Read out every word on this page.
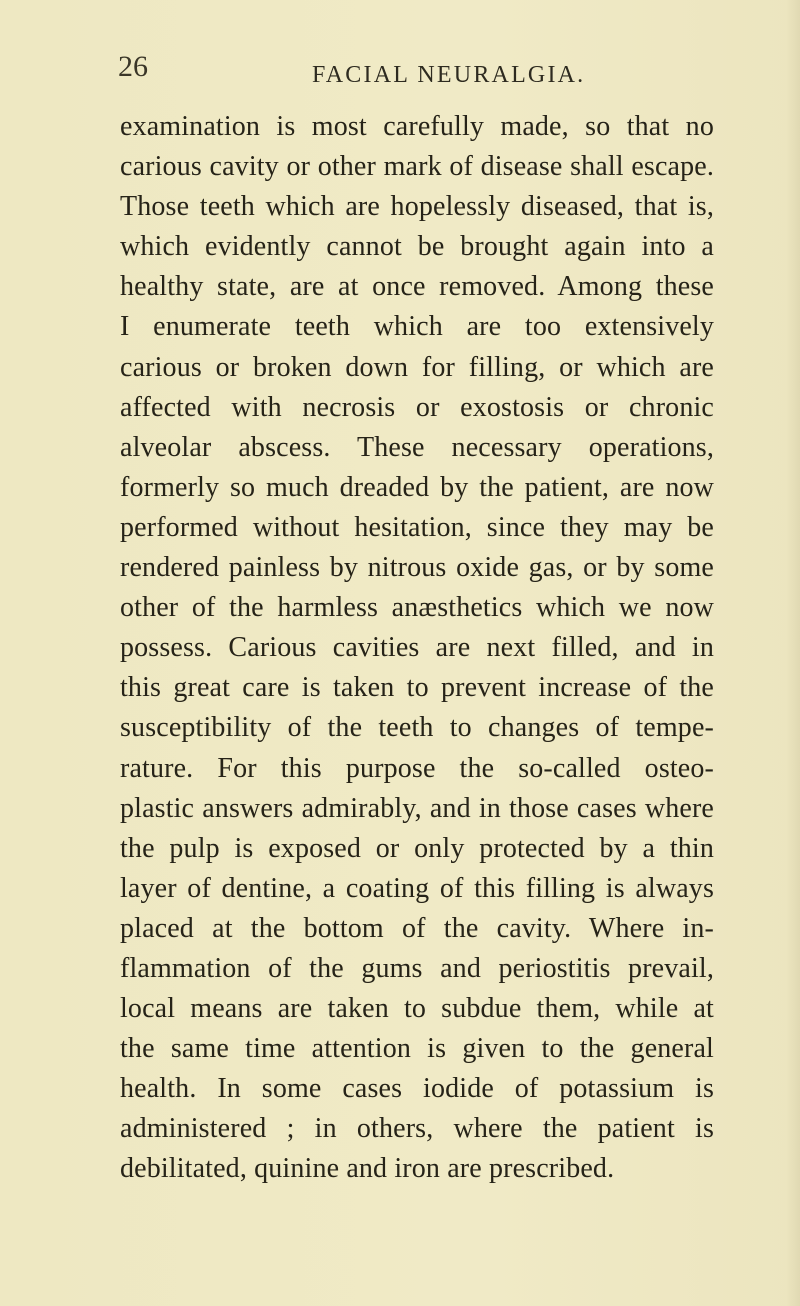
26	FACIAL NEURALGIA.
examination is most carefully made, so that no
carious cavity or other mark of disease shall escape.
Those teeth which are hopelessly diseased, that is,
which evidently cannot be brought again into a
healthy state, are at once removed. Among these
I enumerate teeth which are too extensively
carious or broken down for filling, or which are
affected with necrosis or exostosis or chronic
alveolar abscess. These necessary operations,
formerly so much dreaded by the patient, are now
performed without hesitation, since they may be
rendered painless by nitrous oxide gas, or by some
other of the harmless anæsthetics which we now
possess. Carious cavities are next filled, and in
this great care is taken to prevent increase of the
susceptibility of the teeth to changes of tempe-
rature. For this purpose the so-called osteo-
plastic answers admirably, and in those cases where
the pulp is exposed or only protected by a thin
layer of dentine, a coating of this filling is always
placed at the bottom of the cavity. Where in-
flammation of the gums and periostitis prevail,
local means are taken to subdue them, while at
the same time attention is given to the general
health. In some cases iodide of potassium is
administered ; in others, where the patient is
debilitated, quinine and iron are prescribed.
